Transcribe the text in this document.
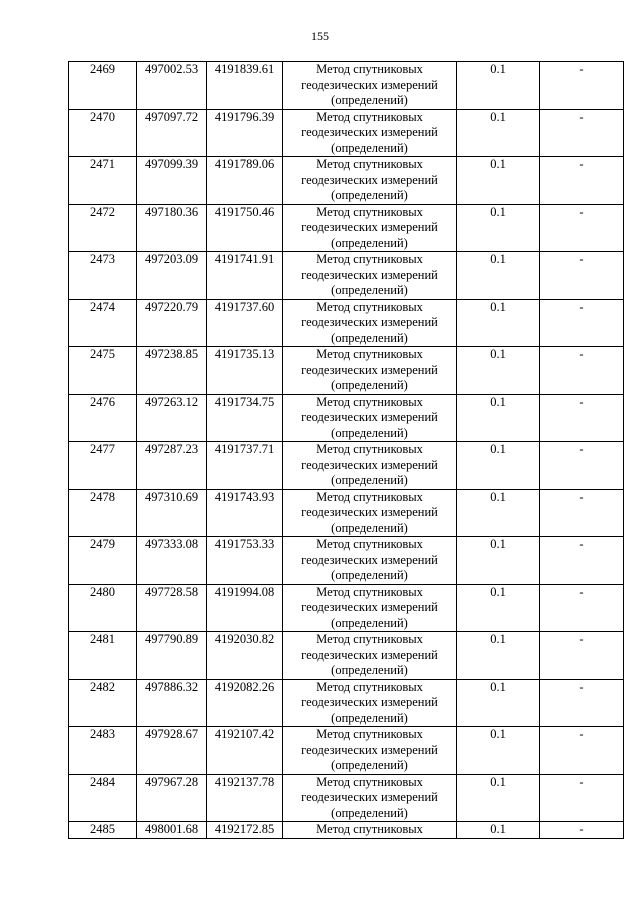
155
2469	497002.53	4191839.61	Метод спутниковых
геодезических измерений
(определений)	0.1	-
2470	497097.72	4191796.39	Метод спутниковых
геодезических измерений
(определений)	0.1	-
2471	497099.39	4191789.06	Метод спутниковых
геодезических измерений
(определений)	0.1	-
2472	497180.36	4191750.46	Метод спутниковых
геодезических измерений
(определений)	0.1	-
2473	497203.09	4191741.91	Метод спутниковых
геодезических измерений
(определений)	0.1	-
2474	497220.79	4191737.60	Метод спутниковых
геодезических измерений
(определений)	0.1	-
2475	497238.85	4191735.13	Метод спутниковых
геодезических измерений
(определений)	0.1	-
2476	497263.12	4191734.75	Метод спутниковых
геодезических измерений
(определений)	0.1	-
2477	497287.23	4191737.71	Метод спутниковых
геодезических измерений
(определений)	0.1	-
2478	497310.69	4191743.93	Метод спутниковых
геодезических измерений
(определений)	0.1	-
2479	497333.08	4191753.33	Метод спутниковых
геодезических измерений
(определений)	0.1	-
2480	497728.58	4191994.08	Метод спутниковых
геодезических измерений
(определений)	0.1	-
2481	497790.89	4192030.82	Метод спутниковых
геодезических измерений
(определений)	0.1	-
2482	497886.32	4192082.26	Метод спутниковых
геодезических измерений
(определений)	0.1	-
2483	497928.67	4192107.42	Метод спутниковых
геодезических измерений
(определений)	0.1	-
2484	497967.28	4192137.78	Метод спутниковых
геодезических измерений
(определений)	0.1	-
2485	498001.68	4192172.85	Метод спутниковых	0.1	-
